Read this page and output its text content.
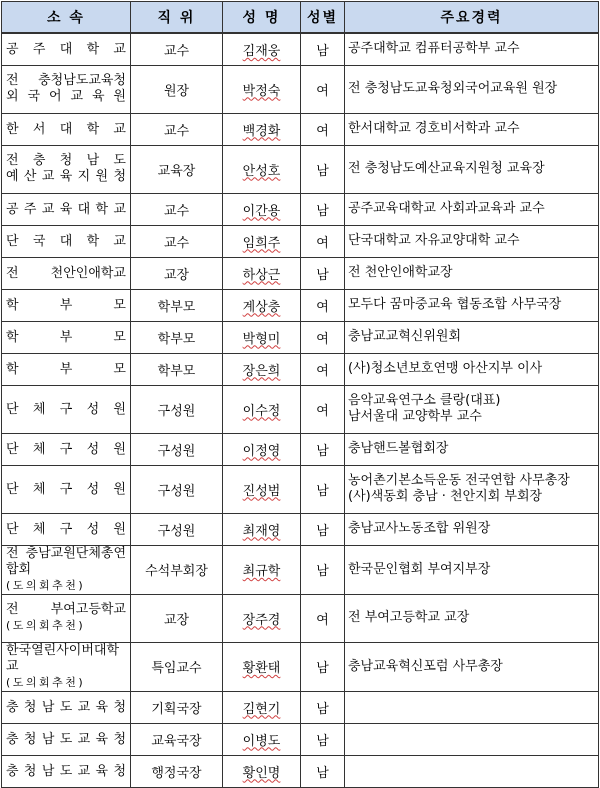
소 속	직 위	성 명	성별	주요경력

공 주 대 학 교	교수	김재웅	남	공주대학교 컴퓨터공학부 교수

전 충청남도교육청
외 국 어 교 육 원	원장	박정숙	여	전 충청남도교육청외국어교육원 원장

한 서 대 학 교	교수	백경화	여	한서대학교 경호비서학과 교수

전 충 청 남 도
예 산 교 육 지 원 청	교육장	안성호	남	전 충청남도예산교육지원청 교육장

공 주 교 육 대 학 교	교수	이간용	남	공주교육대학교 사회과교육과 교수

단 국 대 학 교	교수	임희주	여	단국대학교 자유교양대학 교수

전 천안인애학교	교장	하상근	남	전 천안인애학교장

학 부 모	학부모	계상충	여	모두다 꿈마중교육 협동조합 사무국장

학 부 모	학부모	박형미	여	충남교교혁신위원회

학 부 모	학부모	장은희	여	(사)청소년보호연맹 아산지부 이사

단 체 구 성 원	구성원	이수정	여	음악교육연구소 클랑(대표)
남서울대 교양학부 교수

단 체 구 성 원	구성원	이정영	남	충남핸드볼협회장

단 체 구 성 원	구성원	진성범	남	농어촌기본소득운동 전국연합 사무총장
(사)색동회 충남 · 천안지회 부회장

단 체 구 성 원	구성원	최재영	남	충남교사노동조합 위원장

전 충남교원단체총연합회
( 도 의 회 추 천 )	수석부회장	최규학	남	한국문인협회 부여지부장

전 부여고등학교
( 도 의 회 추 천 )	교장	장주경	여	전 부여고등학교 교장

한국열린사이버대학교
( 도 의 회 추 천 )	특임교수	황환태	남	충남교육혁신포럼 사무총장

충 청 남 도 교 육 청	기획국장	김현기	남	

충 청 남 도 교 육 청	교육국장	이병도	남	

충 청 남 도 교 육 청	행정국장	황인명	남	
